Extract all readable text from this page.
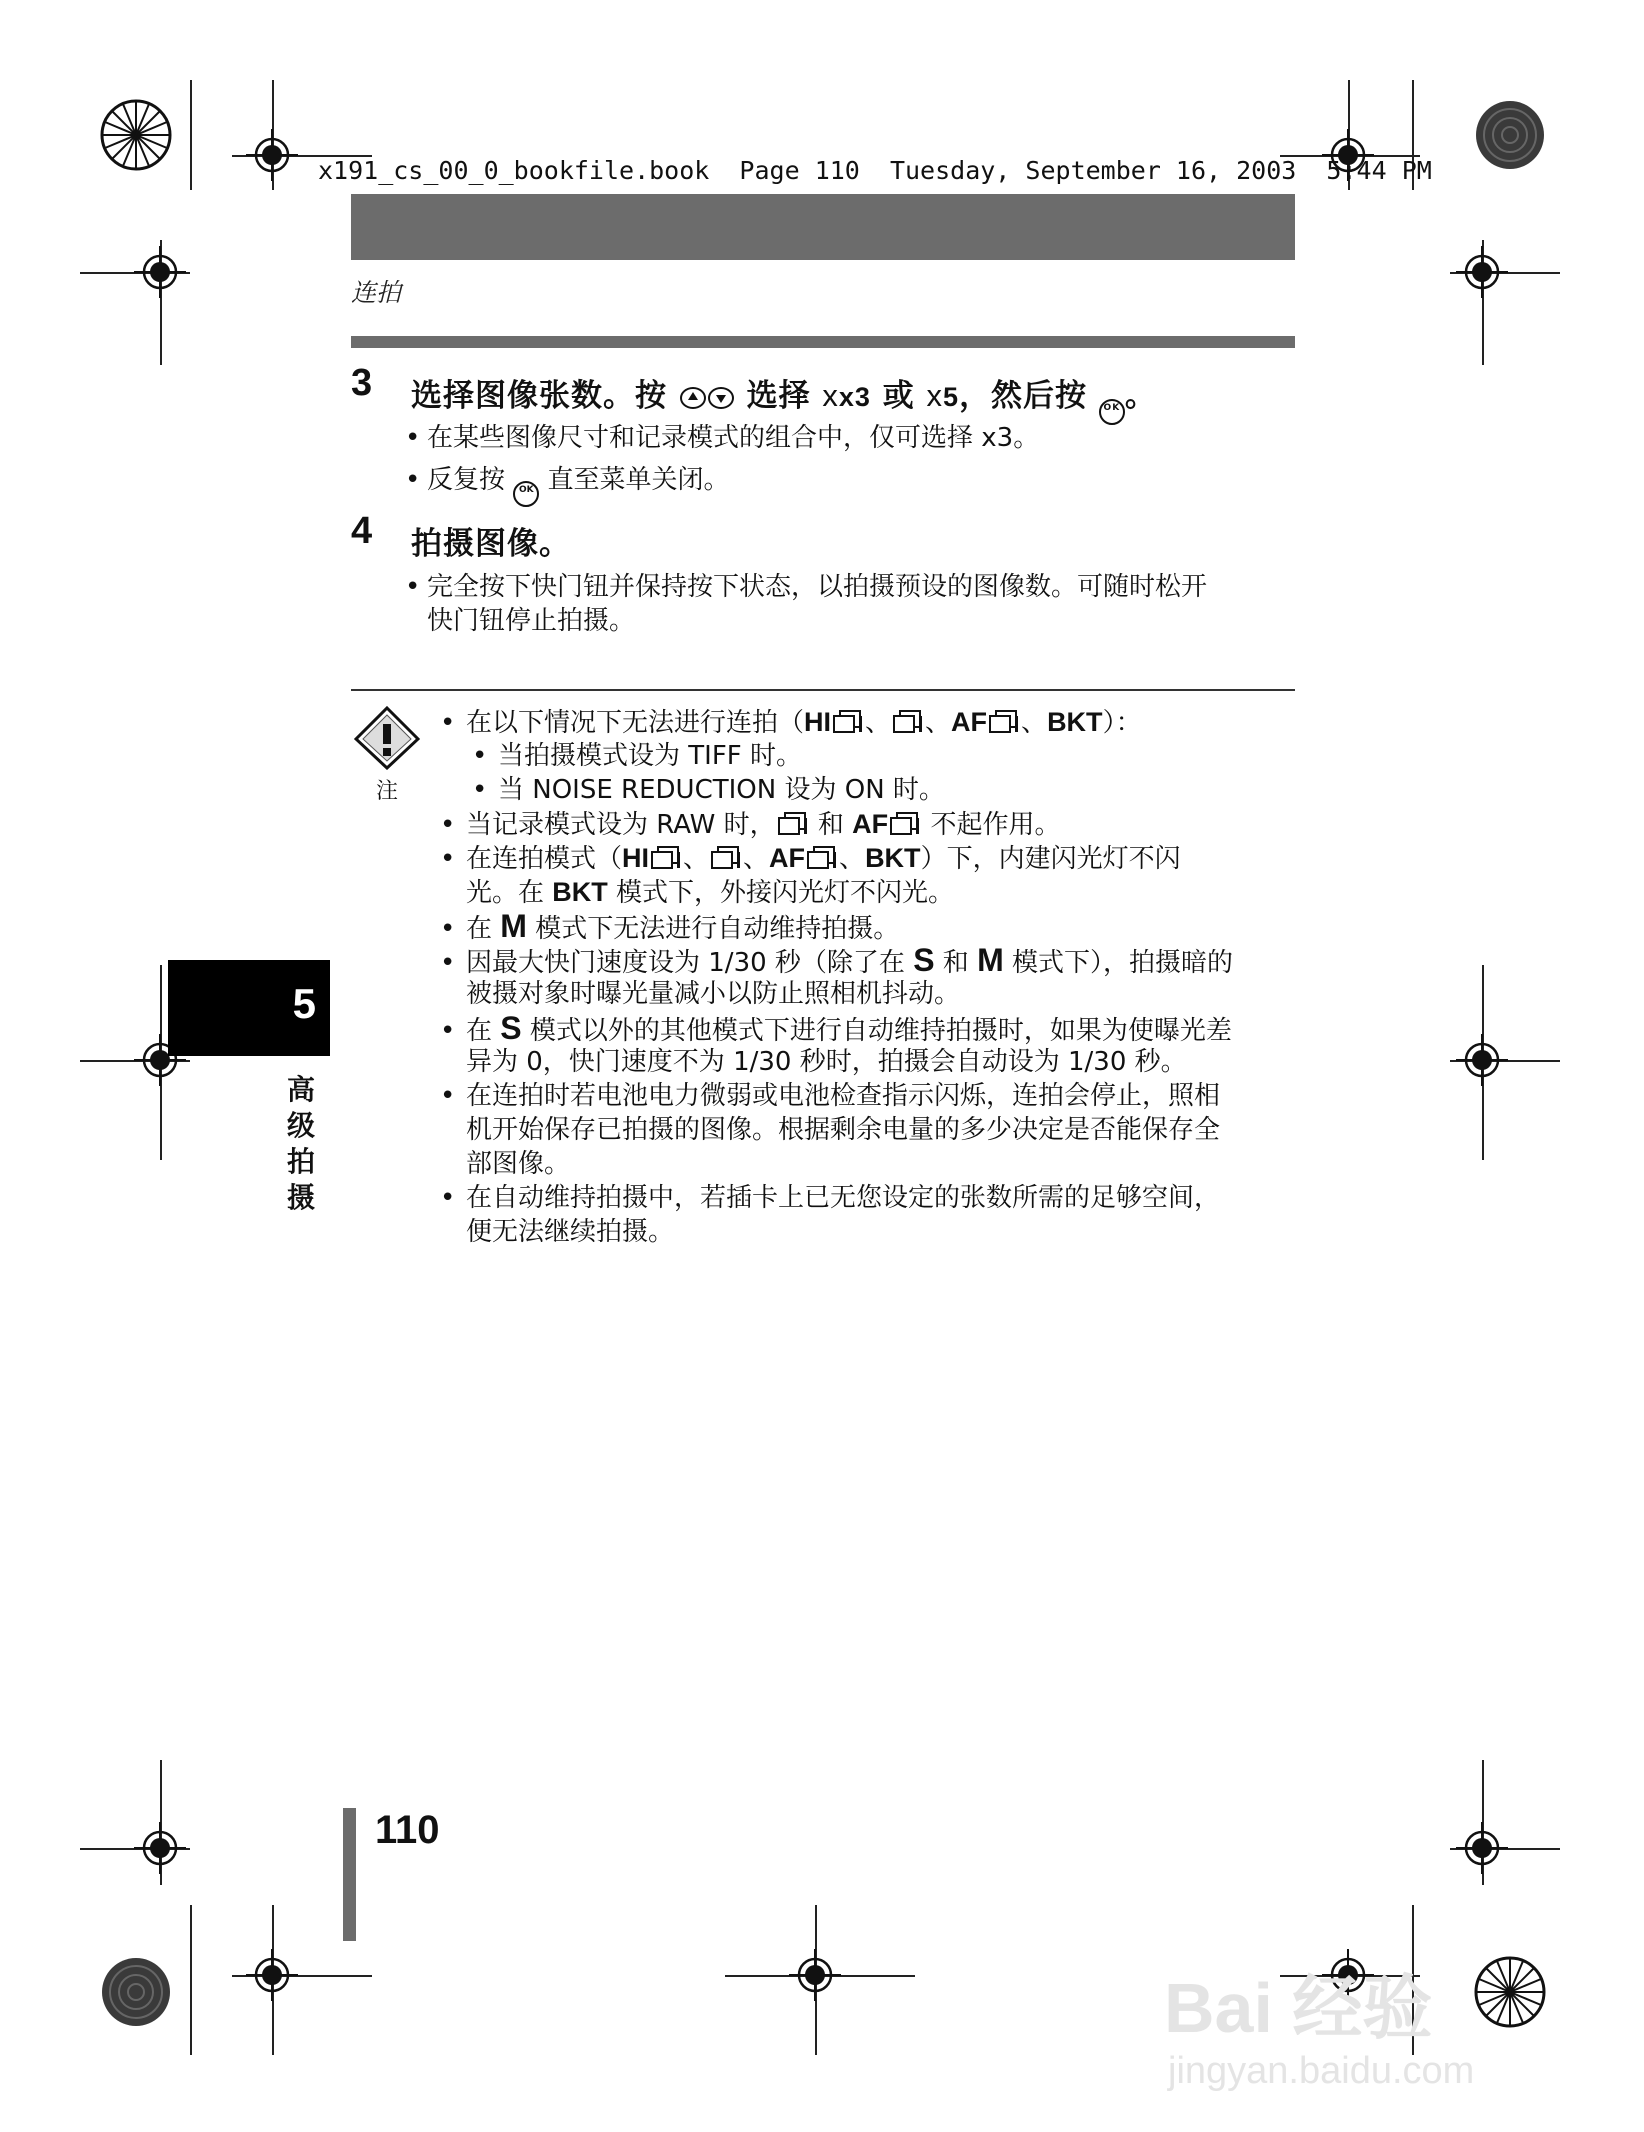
x191_cs_00_0_bookfile.book  Page 110  Tuesday, September 16, 2003  5:44 PM
连拍
3 选择图像张数。按	选择 xx3 或 x5，然后按 OK 。
• 在某些图像尺寸和记录模式的组合中，仅可选择 x3。
• 反复按 OK 直至菜单关闭。
4 拍摄图像。
• 完全按下快门钮并保持按下状态，以拍摄预设的图像数。可随时松开
快门钮停止拍摄。
注
• 在以下情况下无法进行连拍（HI 、 、AF 、BKT）：
• 当拍摄模式设为 TIFF 时。
• 当 NOISE REDUCTION 设为 ON 时。
• 当记录模式设为 RAW 时， 和 AF 不起作用。
• 在连拍模式（HI 、 、AF 、BKT）下，内建闪光灯不闪
光。在 BKT 模式下，外接闪光灯不闪光。
• 在 M 模式下无法进行自动维持拍摄。
• 因最大快门速度设为 1/30 秒（除了在 S 和 M 模式下），拍摄暗的
被摄对象时曝光量减小以防止照相机抖动。
• 在 S 模式以外的其他模式下进行自动维持拍摄时，如果为使曝光差
异为 0，快门速度不为 1/30 秒时，拍摄会自动设为 1/30 秒。
• 在连拍时若电池电力微弱或电池检查指示闪烁，连拍会停止，照相
机开始保存已拍摄的图像。根据剩余电量的多少决定是否能保存全
部图像。
• 在自动维持拍摄中，若插卡上已无您设定的张数所需的足够空间，
便无法继续拍摄。
5
高级拍摄
110
Bai 经验
jingyan.baidu.com
